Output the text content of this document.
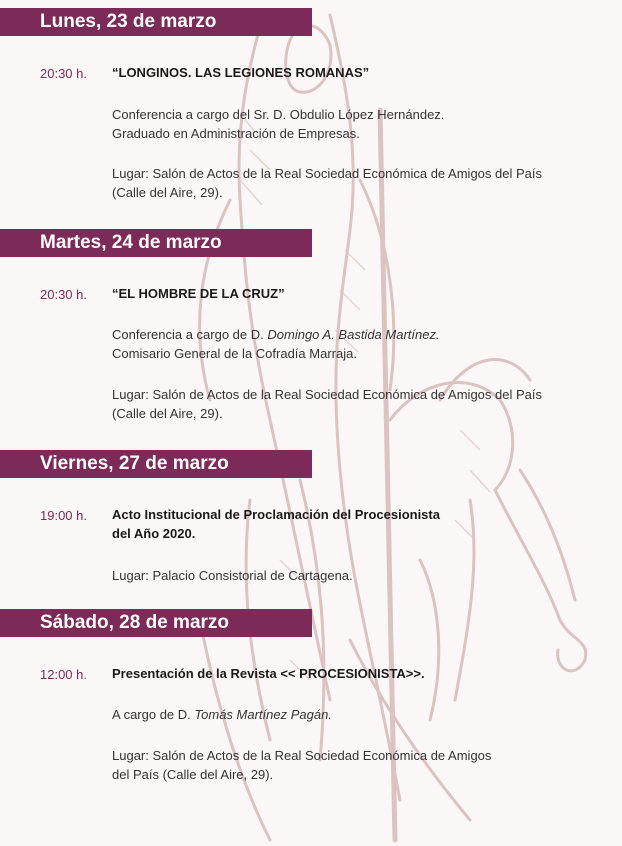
Lunes, 23 de marzo
20:30 h. “LONGINOS. LAS LEGIONES ROMANAS”
Conferencia a cargo del Sr. D. Obdulio López Hernández.
Graduado en Administración de Empresas.
Lugar: Salón de Actos de la Real Sociedad Económica de Amigos del País
(Calle del Aire, 29).
Martes, 24 de marzo
20:30 h. “EL HOMBRE DE LA CRUZ”
Conferencia a cargo de D. Domingo A. Bastida Martínez.
Comisario General de la Cofradía Marraja.
Lugar: Salón de Actos de la Real Sociedad Económica de Amigos del País
(Calle del Aire, 29).
Viernes, 27 de marzo
19:00 h. Acto Institucional de Proclamación del Procesionista
del Año 2020.
Lugar: Palacio Consistorial de Cartagena.
Sábado, 28 de marzo
12:00 h. Presentación de la Revista << PROCESIONISTA>>.
A cargo de D. Tomás Martínez Pagán.
Lugar: Salón de Actos de la Real Sociedad Económica de Amigos
del País (Calle del Aire, 29).
